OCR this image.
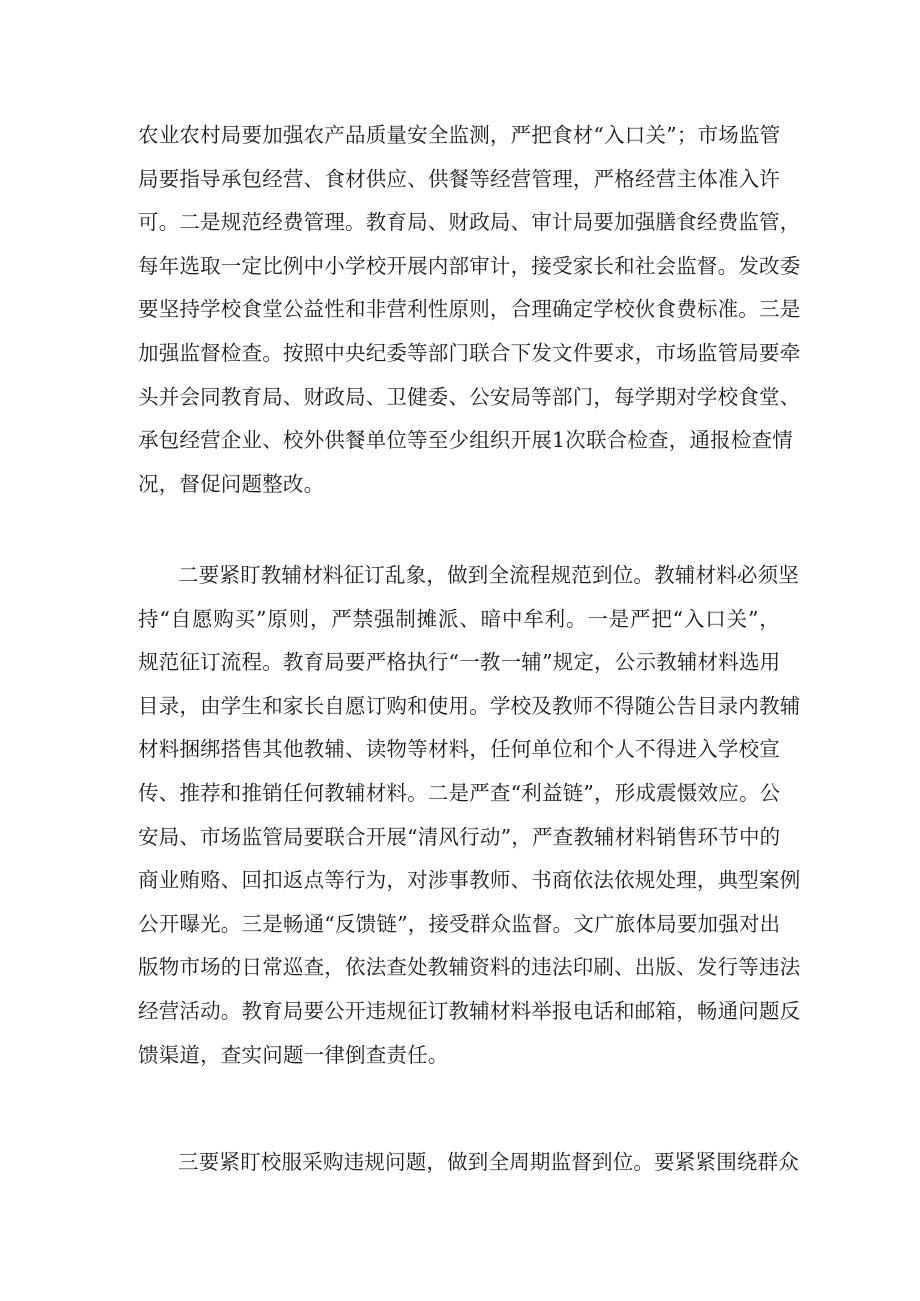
农业农村局要加强农产品质量安全监测，严把食材“入口关”；市场监管
局要指导承包经营、食材供应、供餐等经营管理，严格经营主体准入许
可。二是规范经费管理。教育局、财政局、审计局要加强膳食经费监管，
每年选取一定比例中小学校开展内部审计，接受家长和社会监督。发改委
要坚持学校食堂公益性和非营利性原则，合理确定学校伙食费标准。三是
加强监督检查。按照中央纪委等部门联合下发文件要求，市场监管局要牵
头并会同教育局、财政局、卫健委、公安局等部门，每学期对学校食堂、
承包经营企业、校外供餐单位等至少组织开展1次联合检查，通报检查情
况，督促问题整改。
二要紧盯教辅材料征订乱象，做到全流程规范到位。教辅材料必须坚
持“自愿购买”原则，严禁强制摊派、暗中牟利。一是严把“入口关”，
规范征订流程。教育局要严格执行“一教一辅”规定，公示教辅材料选用
目录，由学生和家长自愿订购和使用。学校及教师不得随公告目录内教辅
材料捆绑搭售其他教辅、读物等材料，任何单位和个人不得进入学校宣
传、推荐和推销任何教辅材料。二是严查“利益链”，形成震慑效应。公
安局、市场监管局要联合开展“清风行动”，严查教辅材料销售环节中的
商业贿赂、回扣返点等行为，对涉事教师、书商依法依规处理，典型案例
公开曝光。三是畅通“反馈链”，接受群众监督。文广旅体局要加强对出
版物市场的日常巡查，依法查处教辅资料的违法印刷、出版、发行等违法
经营活动。教育局要公开违规征订教辅材料举报电话和邮箱，畅通问题反
馈渠道，查实问题一律倒查责任。
三要紧盯校服采购违规问题，做到全周期监督到位。要紧紧围绕群众
